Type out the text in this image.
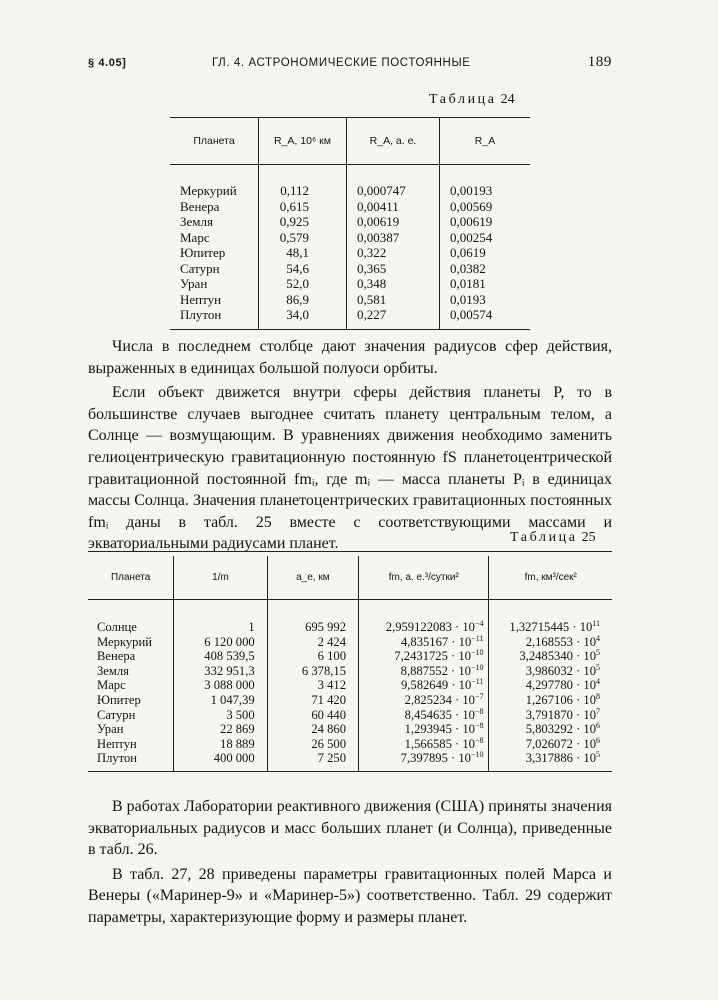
§ 4.05]	ГЛ. 4. АСТРОНОМИЧЕСКИЕ ПОСТОЯННЫЕ	189
Таблица 24
Планета	R_A, 10⁶ км	R_A, а. е.	R_A

Меркурий	0,112	0,000747	0,00193
Венера	0,615	0,00411	0,00569
Земля	0,925	0,00619	0,00619
Марс	0,579	0,00387	0,00254
Юпитер	48,1	0,322	0,0619
Сатурн	54,6	0,365	0,0382
Уран	52,0	0,348	0,0181
Нептун	86,9	0,581	0,0193
Плутон	34,0	0,227	0,00574

Числа в последнем столбце дают значения радиусов сфер действия, выраженных в единицах большой полуоси орбиты.

Если объект движется внутри сферы действия планеты P, то в большинстве случаев выгоднее считать планету центральным телом, а Солнце — возмущающим. В уравнениях движения необходимо заменить гелиоцентрическую гравитационную постоянную fS планетоцентрической гравитационной постоянной fmᵢ, где mᵢ — масса планеты Pᵢ в единицах массы Солнца. Значения планетоцентрических гравитационных постоянных fmᵢ даны в табл. 25 вместе с соответствующими массами и экваториальными радиусами планет.	Таблица 25
Планета	1/m	a_e, км	fm, а. е.³/сутки²	fm, км³/сек²

Солнце	1	695 992	$2,959122083 \cdot 10^{-4}$	$1,32715445 \cdot 10^{11}$
Меркурий	6 120 000	2 424	$4,835167 \cdot 10^{-11}$	$2,168553 \cdot 10^4$
Венера	408 539,5	6 100	$7,2431725 \cdot 10^{-10}$	$3,2485340 \cdot 10^5$
Земля	332 951,3	6 378,15	$8,887552 \cdot 10^{-10}$	$3,986032 \cdot 10^5$
Марс	3 088 000	3 412	$9,582649 \cdot 10^{-11}$	$4,297780 \cdot 10^4$
Юпитер	1 047,39	71 420	$2,825234 \cdot 10^{-7}$	$1,267106 \cdot 10^8$
Сатурн	3 500	60 440	$8,454635 \cdot 10^{-8}$	$3,791870 \cdot 10^7$
Уран	22 869	24 860	$1,293945 \cdot 10^{-8}$	$5,803292 \cdot 10^6$
Нептун	18 889	26 500	$1,566585 \cdot 10^{-8}$	$7,026072 \cdot 10^6$
Плутон	400 000	7 250	$7,397895 \cdot 10^{-10}$	$3,317886 \cdot 10^5$

В работах Лаборатории реактивного движения (США) приняты значения экваториальных радиусов и масс больших планет (и Солнца), приведенные в табл. 26.

В табл. 27, 28 приведены параметры гравитационных полей Марса и Венеры («Маринер-9» и «Маринер-5») соответственно. Табл. 29 содержит параметры, характеризующие форму и размеры планет.
